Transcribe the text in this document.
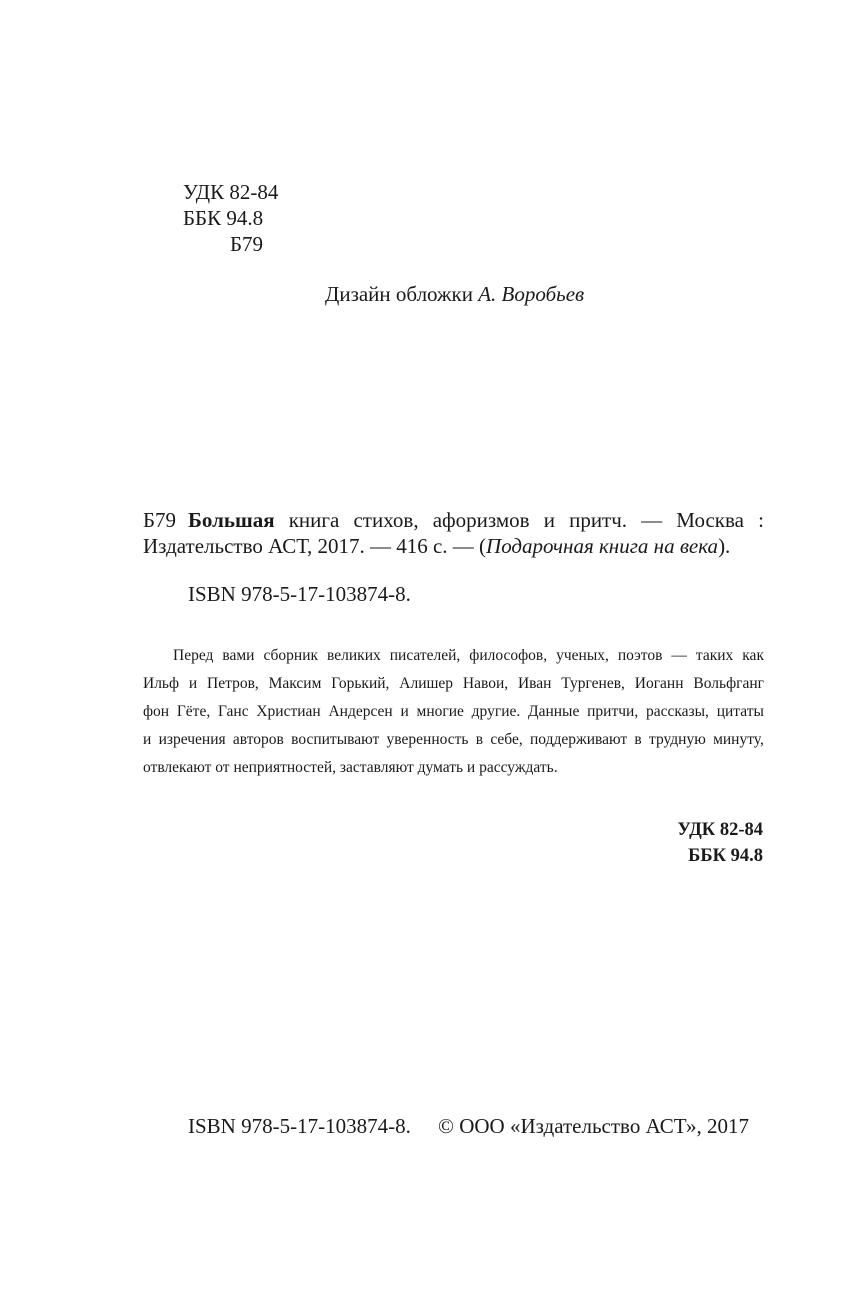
УДК 82-84
ББК 94.8
Б79
Дизайн обложки А. Воробьев
Б79 Большая книга стихов, афоризмов и притч. — Москва :
Издательство АСТ, 2017. — 416 с. — (Подарочная книга на века).
ISBN 978-5-17-103874-8.
Перед вами сборник великих писателей, философов, ученых, поэтов — таких как
Ильф и Петров, Максим Горький, Алишер Навои, Иван Тургенев, Иоганн Вольфганг
фон Гёте, Ганс Христиан Андерсен и многие другие. Данные притчи, рассказы, цитаты
и изречения авторов воспитывают уверенность в себе, поддерживают в трудную минуту,
отвлекают от неприятностей, заставляют думать и рассуждать.
УДК 82-84
ББК 94.8
ISBN 978-5-17-103874-8. © ООО «Издательство АСТ», 2017
